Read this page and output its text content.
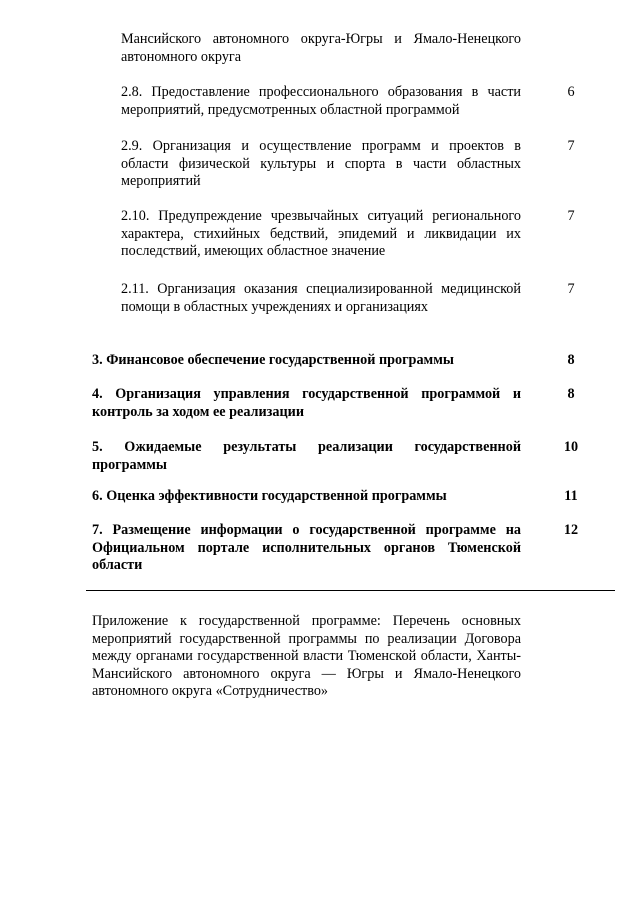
Мансийского автономного округа-Югры и Ямало-Ненецкого автономного округа
2.8. Предоставление профессионального образования в части мероприятий, предусмотренных областной программой
6
2.9. Организация и осуществление программ и проектов в области физической культуры и спорта в части областных мероприятий
7
2.10. Предупреждение чрезвычайных ситуаций регионального характера, стихийных бедствий, эпидемий и ликвидации их последствий, имеющих областное значение
7
2.11. Организация оказания специализированной медицинской помощи в областных учреждениях и организациях
7
3. Финансовое обеспечение государственной программы	8
4. Организация управления государственной программой и контроль за ходом ее реализации
8
5. Ожидаемые результаты реализации государственной программы
10
6. Оценка эффективности государственной программы	11
7. Размещение информации о государственной программе на Официальном портале исполнительных органов Тюменской области
12
Приложение к государственной программе: Перечень основных мероприятий государственной программы по реализации Договора между органами государственной власти Тюменской области, Ханты-Мансийского автономного округа — Югры и Ямало-Ненецкого автономного округа «Сотрудничество»
